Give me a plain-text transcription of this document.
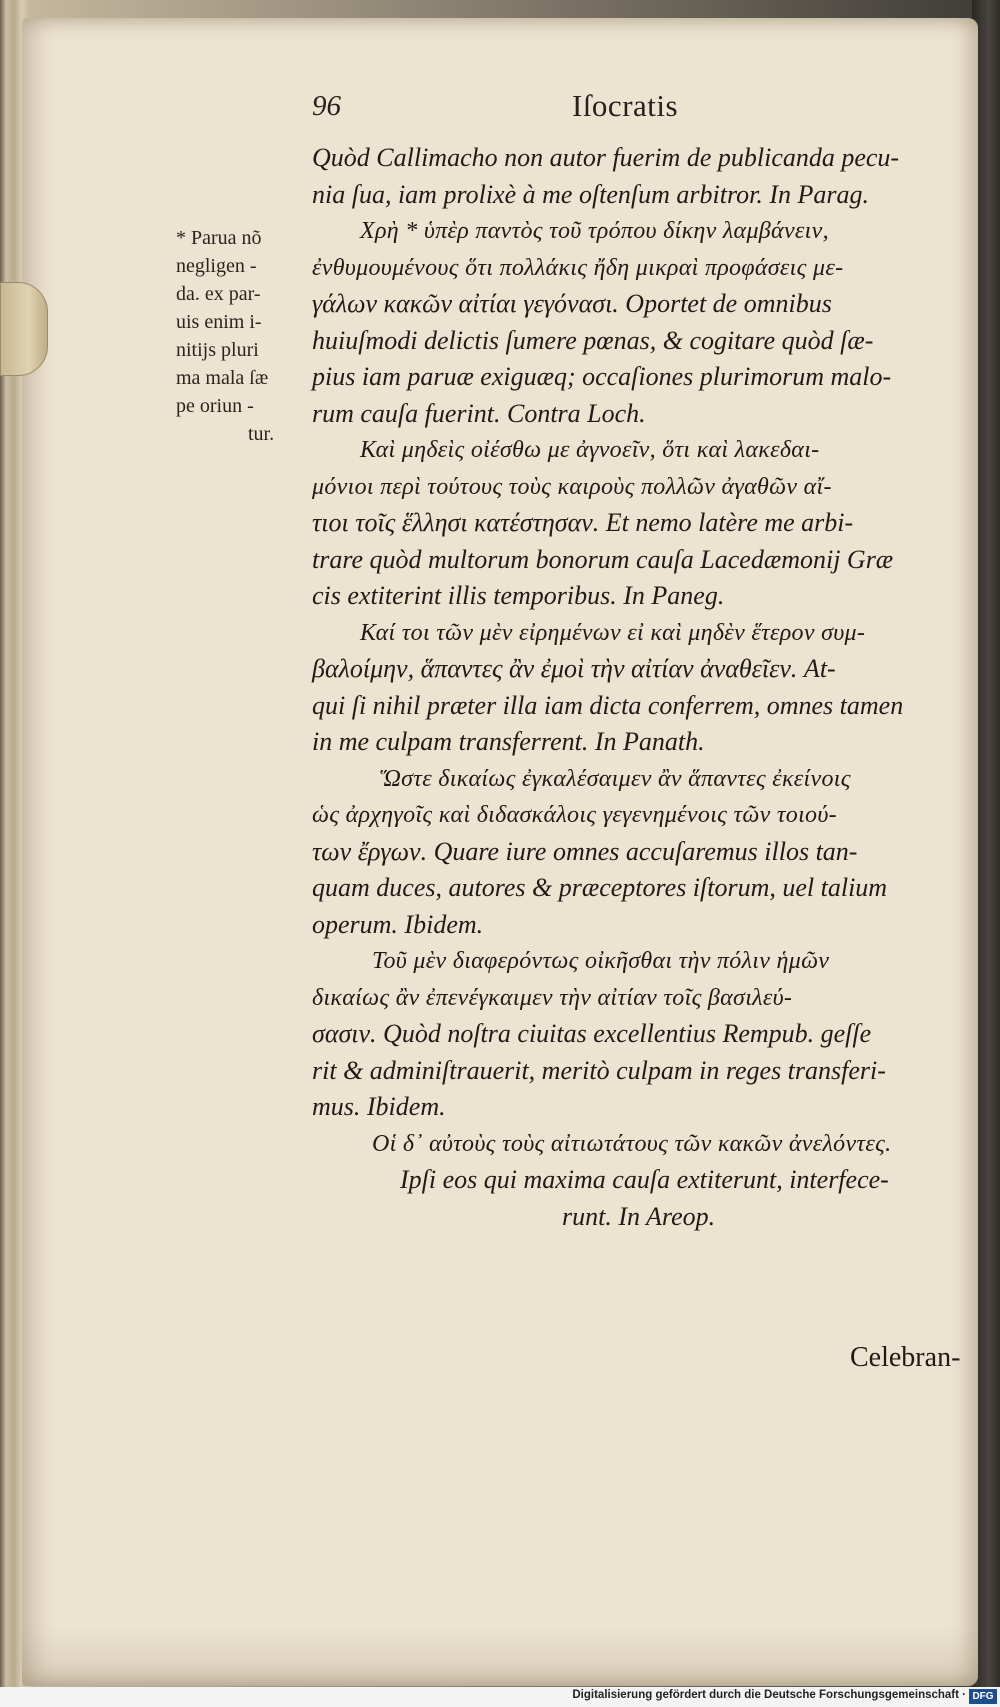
96	Iſocratis
* Parua nõ
negligen -
da. ex par-
uis enim i-
nitijs pluri
ma mala ſæ
pe oriun -
tur.
Quòd Callimacho non autor fuerim de publicanda pecu-
nia ſua, iam prolixè à me oſtenſum arbitror. In Parag.
Χρὴ * ὑπὲρ παντὸς τοῦ τρόπου δίκην λαμβάνειν,
ἐνθυμουμένους ὅτι πολλάκις ἤδη μικραὶ προφάσεις με-
γάλων κακῶν αἰτίαι γεγόνασι. Oportet de omnibus
huiuſmodi delictis ſumere pœnas, & cogitare quòd ſæ-
pius iam paruæ exiguæq; occaſiones plurimorum malo-
rum cauſa fuerint. Contra Loch.
Καὶ μηδεὶς οἰέσθω με ἀγνοεῖν, ὅτι καὶ λακεδαι-
μόνιοι περὶ τούτους τοὺς καιροὺς πολλῶν ἀγαθῶν αἴ-
τιοι τοῖς ἕλλησι κατέστησαν. Et nemo latère me arbi-
trare quòd multorum bonorum cauſa Lacedæmonij Græ
cis extiterint illis temporibus. In Paneg.
Καί τοι τῶν μὲν εἰρημένων εἰ καὶ μηδὲν ἕτερον συμ-
βαλοίμην, ἅπαντες ἂν ἐμοὶ τὴν αἰτίαν ἀναθεῖεν. At-
qui ſi nihil præter illa iam dicta conferrem, omnes tamen
in me culpam transferrent. In Panath.
Ὥστε δικαίως ἐγκαλέσαιμεν ἂν ἅπαντες ἐκείνοις
ὡς ἀρχηγοῖς καὶ διδασκάλοις γεγενημένοις τῶν τοιού-
των ἔργων. Quare iure omnes accuſaremus illos tan-
quam duces, autores & præceptores iſtorum, uel talium
operum. Ibidem.
Τοῦ μὲν διαφερόντως οἰκῆσθαι τὴν πόλιν ἡμῶν
δικαίως ἂν ἐπενέγκαιμεν τὴν αἰτίαν τοῖς βασιλεύ-
σασιν. Quòd noſtra ciuitas excellentius Rempub. geſſe
rit & adminiſtrauerit, meritò culpam in reges transferi-
mus. Ibidem.
Οἱ δ᾽ αὐτοὺς τοὺς αἰτιωτάτους τῶν κακῶν ἀνελόντες.
Ipſi eos qui maxima cauſa extiterunt, interfece-
runt. In Areop.
Celebran-
Digitalisierung gefördert durch die Deutsche Forschungsgemeinschaft · DFG
